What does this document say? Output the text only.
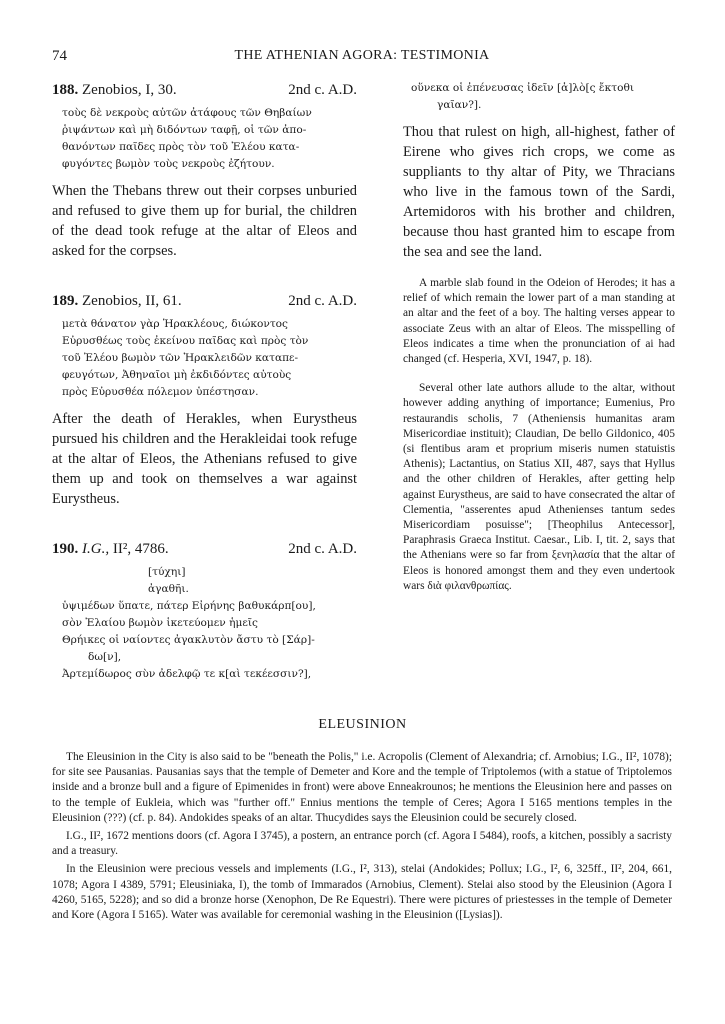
74	THE ATHENIAN AGORA: TESTIMONIA
188. Zenobios, I, 30.	2nd c. A.D.
τοὺς δὲ νεκροὺς αὐτῶν ἀτάφους τῶν Θηβαίων
ῥιψάντων καὶ μὴ διδόντων ταφῇ, οἱ τῶν ἀπο-
θανόντων παῖδες πρὸς τὸν τοῦ Ἐλέου κατα-
φυγόντες βωμὸν τοὺς νεκροὺς ἐζήτουν.

When the Thebans threw out their corpses unburied and refused to give them up for burial, the children of the dead took refuge at the altar of Eleos and asked for the corpses.

189. Zenobios, II, 61.	2nd c. A.D.
μετὰ θάνατον γὰρ Ἡρακλέους, διώκοντος
Εὐρυσθέως τοὺς ἐκείνου παῖδας καὶ πρὸς τὸν
τοῦ Ἐλέου βωμὸν τῶν Ἡρακλειδῶν καταπε-
φευγότων, Ἀθηναῖοι μὴ ἐκδιδόντες αὐτοὺς
πρὸς Εὐρυσθέα πόλεμον ὑπέστησαν.

After the death of Herakles, when Eurystheus pursued his children and the Herakleidai took refuge at the altar of Eleos, the Athenians refused to give them up and took on themselves a war against Eurystheus.

190. I.G., II², 4786.	2nd c. A.D.
[τύχηι]
ἀγαθῆι.
ὑψιμέδων ὕπατε, πάτερ Εἰρήνης βαθυκάρπ[ου],
σὸν Ἐλαίου βωμὸν ἱκετεύομεν ἡμεῖς
Θρήικες οἱ ναίοντες ἀγακλυτὸν ἄστυ τὸ [Σάρ]-
δω[ν],
Ἀρτεμίδωρος σὺν ἀδελφῷ τε κ[αὶ τεκέεσσιν?],
οὕνεκα οἱ ἐπένευσας ἰδεῖν [ἁ]λὸ[ς ἔκτοθι
γαῖαν?].

Thou that rulest on high, all-highest, father of Eirene who gives rich crops, we come as suppliants to thy altar of Pity, we Thracians who live in the famous town of the Sardi, Artemidoros with his brother and children, because thou hast granted him to escape from the sea and see the land.

A marble slab found in the Odeion of Herodes; it has a relief of which remain the lower part of a man standing at an altar and the feet of a boy. The halting verses appear to associate Zeus with an altar of Eleos. The misspelling of Eleos indicates a time when the pronunciation of ai had changed (cf. Hesperia, XVI, 1947, p. 18).

Several other late authors allude to the altar, without however adding anything of importance; Eumenius, Pro restaurandis scholis, 7 (Atheniensis humanitas aram Misericordiae instituit); Claudian, De bello Gildonico, 405 (si flentibus aram et proprium miseris numen statuistis Athenis); Lactantius, on Statius XII, 487, says that Hyllus and the other children of Herakles, after getting help against Eurystheus, are said to have consecrated the altar of Clementia, "asserentes apud Athenienses tantum sedes Misericordiam posuisse"; [Theophilus Antecessor], Paraphrasis Graeca Institut. Caesar., Lib. I, tit. 2, says that the Athenians were so far from ξενηλασία that the altar of Eleos is honored amongst them and they even undertook wars διὰ φιλανθρωπίας.

ELEUSINION

The Eleusinion in the City is also said to be "beneath the Polis," i.e. Acropolis (Clement of Alexandria; cf. Arnobius; I.G., II², 1078); for site see Pausanias. Pausanias says that the temple of Demeter and Kore and the temple of Triptolemos (with a statue of Triptolemos inside and a bronze bull and a figure of Epimenides in front) were above Enneakrounos; he mentions the Eleusinion here and passes on to the temple of Eukleia, which was "further off." Ennius mentions the temple of Ceres; Agora I 5165 mentions temples in the Eleusinion (???) (cf. p. 84). Andokides speaks of an altar. Thucydides says the Eleusinion could be securely closed.

I.G., II², 1672 mentions doors (cf. Agora I 3745), a postern, an entrance porch (cf. Agora I 5484), roofs, a kitchen, possibly a sacristy and a treasury.

In the Eleusinion were precious vessels and implements (I.G., I², 313), stelai (Andokides; Pollux; I.G., I², 6, 325ff., II², 204, 661, 1078; Agora I 4389, 5791; Eleusiniaka, I), the tomb of Immarados (Arnobius, Clement). Stelai also stood by the Eleusinion (Agora I 4260, 5165, 5228); and so did a bronze horse (Xenophon, De Re Equestri). There were pictures of priestesses in the temple of Demeter and Kore (Agora I 5165). Water was available for ceremonial washing in the Eleusinion ([Lysias]).
